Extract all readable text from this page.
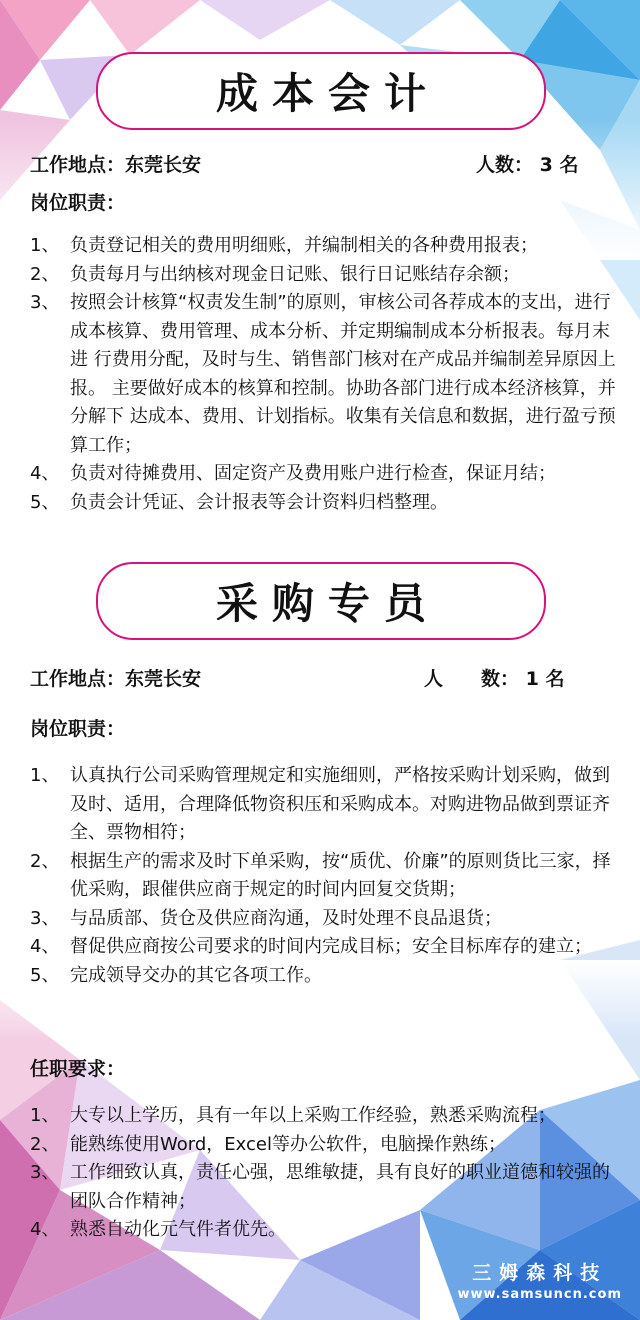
成本会计
工作地点：东莞长安	人数： 3 名
岗位职责：
1、 负责登记相关的费用明细账，并编制相关的各种费用报表；
2、 负责每月与出纳核对现金日记账、银行日记账结存余额；
3、 按照会计核算“权责发生制”的原则，审核公司各荐成本的支出，进行 成本核算、费用管理、成本分析、并定期编制成本分析报表。每月末进 行费用分配，及时与生、销售部门核对在产成品并编制差异原因上报。 主要做好成本的核算和控制。协助各部门进行成本经济核算，并分解下 达成本、费用、计划指标。收集有关信息和数据，进行盈亏预算工作；
4、 负责对待摊费用、固定资产及费用账户进行检查，保证月结；
5、 负责会计凭证、会计报表等会计资料归档整理。
采购专员
工作地点：东莞长安	人　　数： 1 名
岗位职责：
1、 认真执行公司采购管理规定和实施细则，严格按采购计划采购，做到及时、适用，合理降低物资积压和采购成本。对购进物品做到票证齐全、票物相符；
2、 根据生产的需求及时下单采购，按“质优、价廉”的原则货比三家，择优采购，跟催供应商于规定的时间内回复交货期；
3、 与品质部、货仓及供应商沟通，及时处理不良品退货；
4、 督促供应商按公司要求的时间内完成目标；安全目标库存的建立；
5、 完成领导交办的其它各项工作。
任职要求：
1、 大专以上学历，具有一年以上采购工作经验，熟悉采购流程；
2、 能熟练使用Word，Excel等办公软件，电脑操作熟练；
3、 工作细致认真，责任心强，思维敏捷，具有良好的职业道德和较强的团队合作精神；
4、 熟悉自动化元气件者优先。
三姆森科技
www.samsuncn.com
